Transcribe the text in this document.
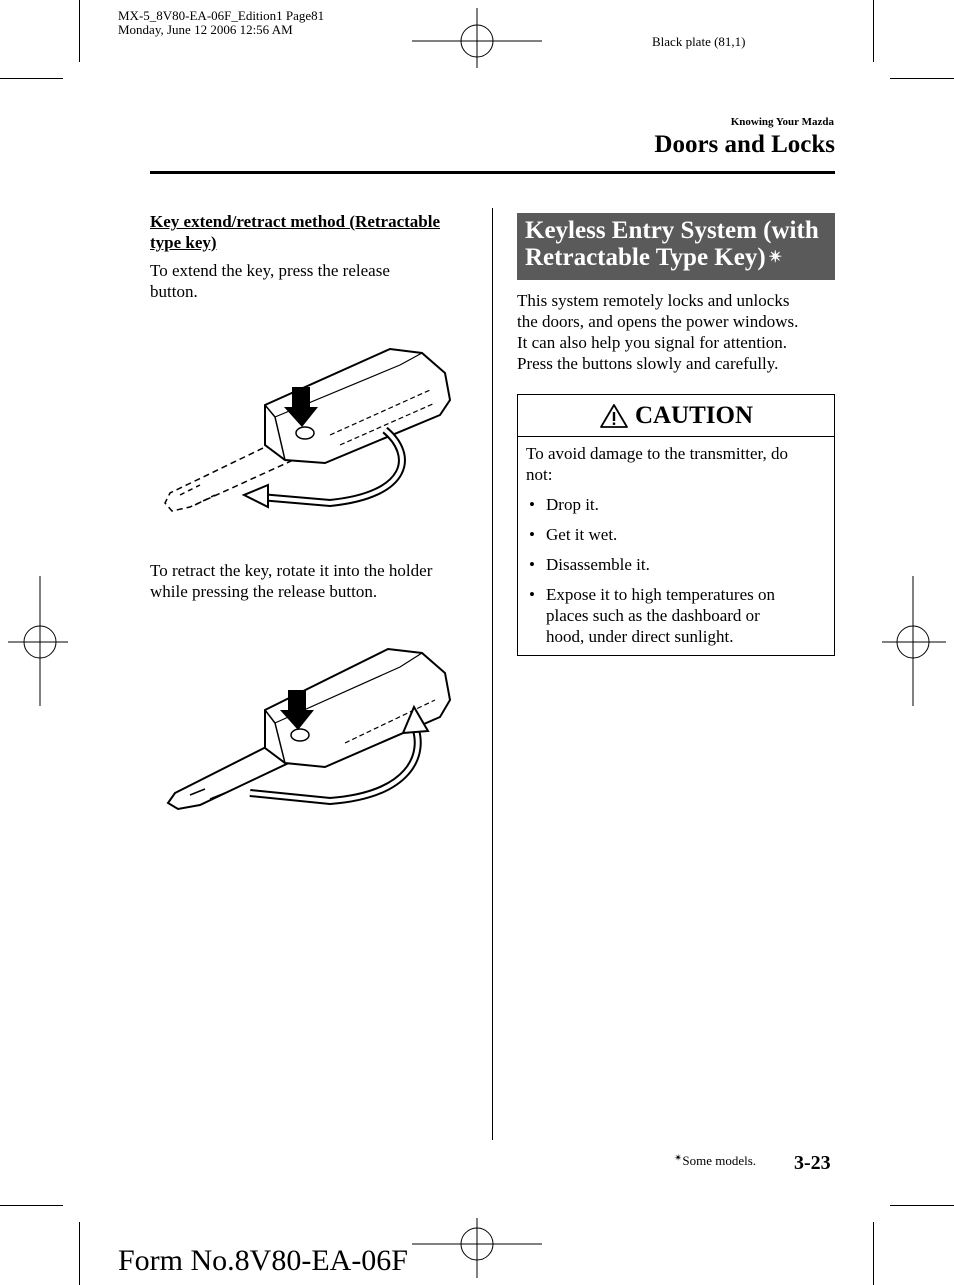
MX-5_8V80-EA-06F_Edition1 Page81
Monday, June 12 2006 12:56 AM
Black plate (81,1)
Knowing Your Mazda
Doors and Locks
Key extend/retract method (Retractable
type key)
To extend the key, press the release
button.
To retract the key, rotate it into the holder
while pressing the release button.
Keyless Entry System (with
Retractable Type Key) ✴
This system remotely locks and unlocks
the doors, and opens the power windows.
It can also help you signal for attention.
Press the buttons slowly and carefully.
CAUTION
To avoid damage to the transmitter, do
not:
• Drop it.
• Get it wet.
• Disassemble it.
• Expose it to high temperatures on
places such as the dashboard or
hood, under direct sunlight.
✴Some models. 3-23
Form No.8V80-EA-06F
